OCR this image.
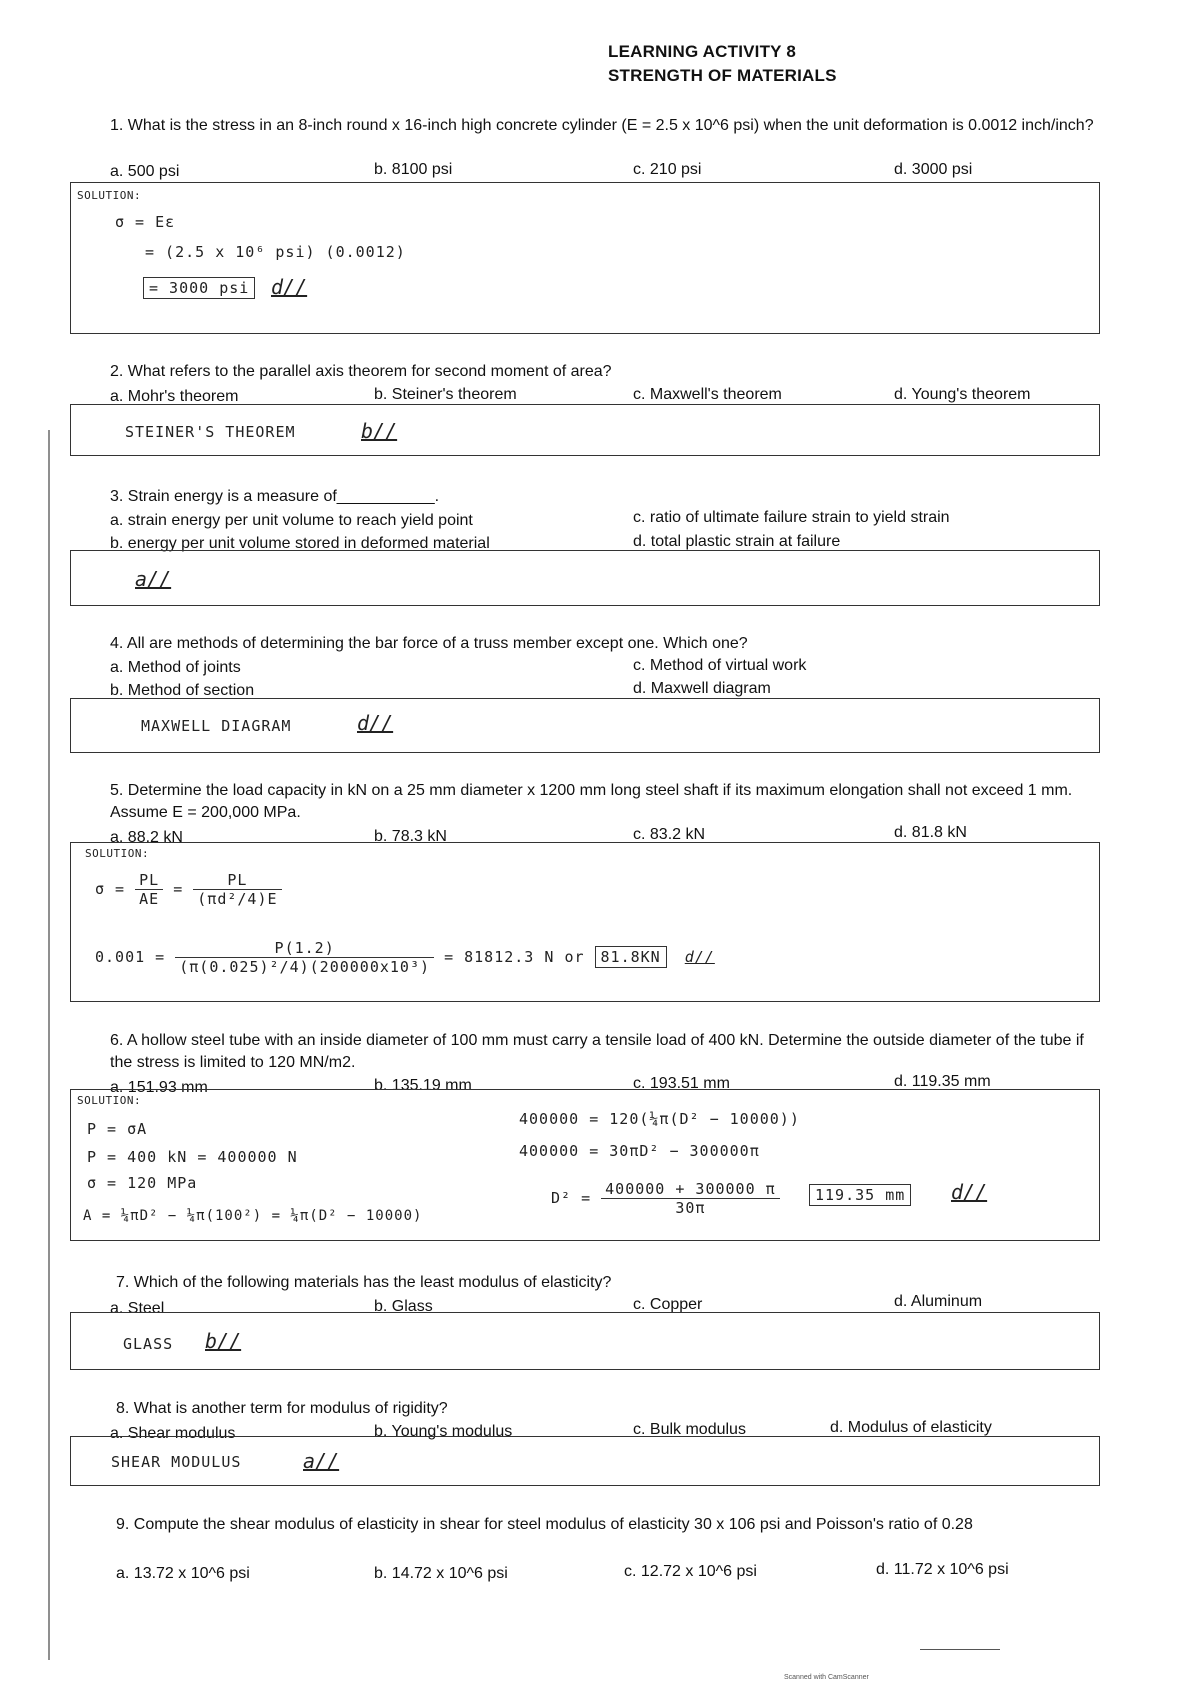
LEARNING ACTIVITY 8
STRENGTH OF MATERIALS
1. What is the stress in an 8-inch round x 16-inch high concrete cylinder (E = 2.5 x 10^6 psi) when the unit deformation is 0.0012 inch/inch?
a. 500 psi	b. 8100 psi	c. 210 psi	d. 3000 psi
SOLUTION:
σ = Eε
= (2.5 x 10⁶ psi) (0.0012)
= 3000 psi	d//
2. What refers to the parallel axis theorem for second moment of area?
a. Mohr's theorem	b. Steiner's theorem	c. Maxwell's theorem	d. Young's theorem
STEINER'S THEOREM	b//
3. Strain energy is a measure of___________.
a. strain energy per unit volume to reach yield point
b. energy per unit volume stored in deformed material
c. ratio of ultimate failure strain to yield strain
d. total plastic strain at failure
a//
4. All are methods of determining the bar force of a truss member except one. Which one?
a. Method of joints
b. Method of section
c. Method of virtual work
d. Maxwell diagram
MAXWELL DIAGRAM	d//
5. Determine the load capacity in kN on a 25 mm diameter x 1200 mm long steel shaft if its maximum elongation shall not exceed 1 mm. Assume E = 200,000 MPa.
a. 88.2 kN	b. 78.3 kN	c. 83.2 kN	d. 81.8 kN
SOLUTION:
$\sigma = \frac{PL}{AE} = \frac{PL}{\text{(πd²/4)E}}$
$0.001 = \frac{P(1.2)}{\text{(π(0.025)²/4)(200000x10³)}} = 81812.3$ N or 81.8KN d//
6. A hollow steel tube with an inside diameter of 100 mm must carry a tensile load of 400 kN. Determine the outside diameter of the tube if the stress is limited to 120 MN/m2.
a. 151.93 mm	b. 135.19 mm	c. 193.51 mm	d. 119.35 mm
SOLUTION:
P = σA
P = 400 kN = 400000 N
σ = 120 MPa
A = ¼πD² − ¼π(100²) = ¼π(D² − 10000)
400000 = 120(¼π(D² − 10000))
400000 = 30πD² − 300000π
$D^2 = \frac{400000 + 300000 \pi}{30\pi}$	119.35 mm	d//
7. Which of the following materials has the least modulus of elasticity?
a. Steel	b. Glass	c. Copper	d. Aluminum
GLASS b//
8. What is another term for modulus of rigidity?
a. Shear modulus	b. Young's modulus	c. Bulk modulus	d. Modulus of elasticity
SHEAR MODULUS	a//
9. Compute the shear modulus of elasticity in shear for steel modulus of elasticity 30 x 106 psi and Poisson's ratio of 0.28
a. 13.72 x 10^6 psi	b. 14.72 x 10^6 psi	c. 12.72 x 10^6 psi	d. 11.72 x 10^6 psi
Scanned with CamScanner
